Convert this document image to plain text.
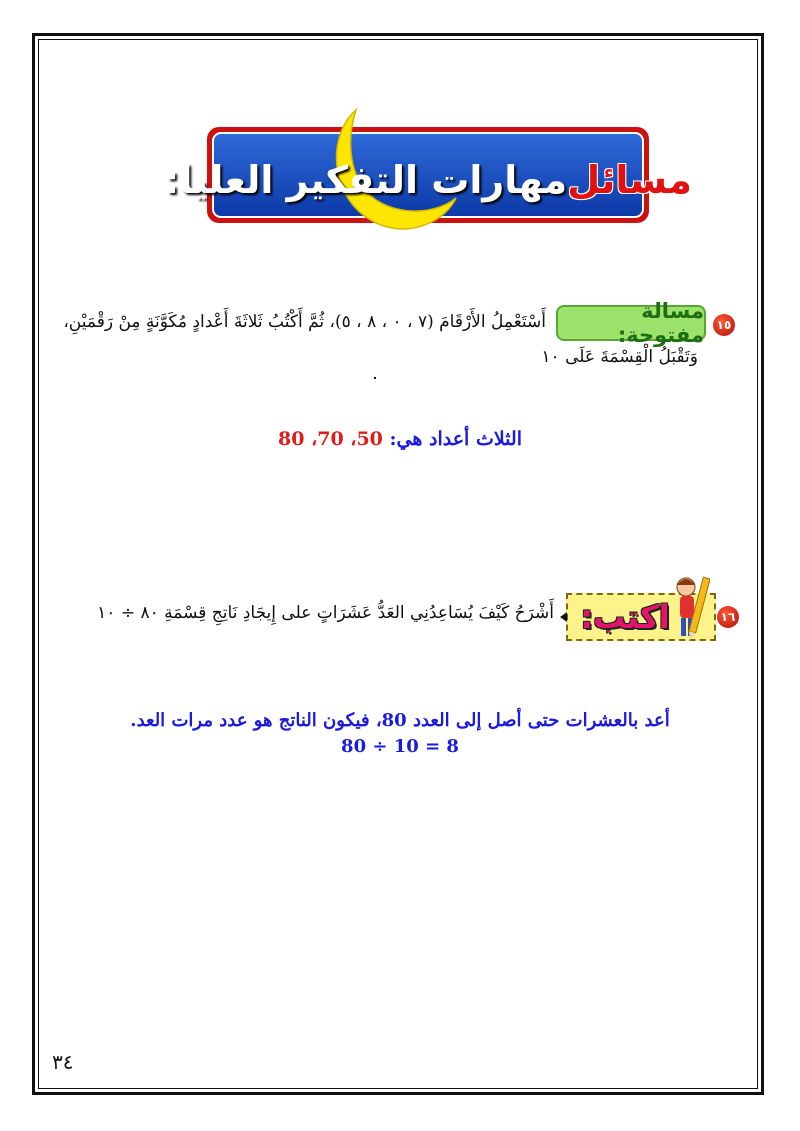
مسائل
مهارات التفكير العليا:
١٥
مسالة مفتوحة:
أَسْتَعْمِلُ الأَرْقَامَ (٧ ، ٠ ، ٨ ، ٥)، ثُمَّ أَكْتُبُ ثَلاثَةَ أَعْدادٍ مُكَوَّنَةٍ مِنْ رَقْمَيْنِ،
وَتَقْبَلُ الْقِسْمَةَ عَلَى ١٠
الثلاث أعداد هي: 50، 70، 80
١٦
اكتب:
أَشْرَحُ كَيْفَ يُسَاعِدُنِي العَدُّ عَشَرَاتٍ على إِيجَادِ نَاتِجِ قِسْمَةِ ٨٠ ÷ ١٠
أعد بالعشرات حتى أصل إلى العدد 80، فيكون الناتج هو عدد مرات العد.
8 = 10 ÷ 80
٣٤
